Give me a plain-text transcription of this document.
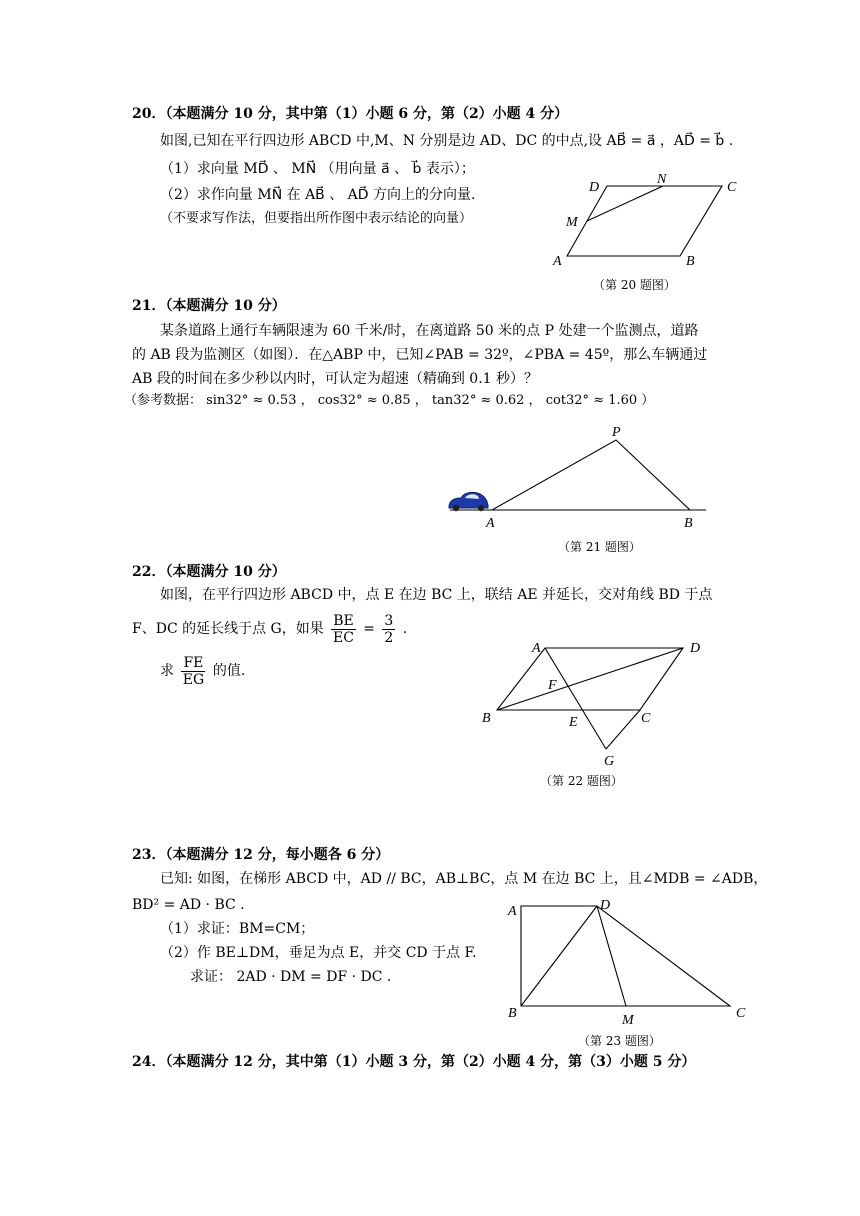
20．（本题满分 10 分，其中第（1）小题 6 分，第（2）小题 4 分）
如图,已知在平行四边形 ABCD 中,M、N 分别是边 AD、DC 的中点,设 AB⃗ = a⃗ ，AD⃗ = b⃗ .
（1）求向量 MD⃗ 、 MN⃗ （用向量 a⃗ 、 b⃗ 表示）；
（2）求作向量 MN⃗ 在 AB⃗ 、 AD⃗ 方向上的分向量.
（不要求写作法，但要指出所作图中表示结论的向量）
（第 20 题图）
21．（本题满分 10 分）
某条道路上通行车辆限速为 60 千米/时，在离道路 50 米的点 P 处建一个监测点，道路
的 AB 段为监测区（如图）．在△ABP 中，已知∠PAB = 32º，∠PBA = 45º，那么车辆通过
AB 段的时间在多少秒以内时，可认定为超速（精确到 0.1 秒）？
（参考数据： sin32° ≈ 0.53 ， cos32° ≈ 0.85 ， tan32° ≈ 0.62 ， cot32° ≈ 1.60 ）
（第 21 题图）
22．（本题满分 10 分）
如图，在平行四边形 ABCD 中，点 E 在边 BC 上，联结 AE 并延长，交对角线 BD 于点
F、DC 的延长线于点 G，如果 $\frac{BE}{EC} = \frac{3}{2}$ .
求 $\frac{FE}{EG}$ 的值.
（第 22 题图）
23．（本题满分 12 分，每小题各 6 分）
已知: 如图，在梯形 ABCD 中，AD // BC，AB⊥BC，点 M 在边 BC 上，且∠MDB = ∠ADB，
BD² = AD · BC .
（1）求证：BM=CM；
（2）作 BE⊥DM，垂足为点 E，并交 CD 于点 F.
求证： 2AD · DM = DF · DC .
（第 23 题图）
24．（本题满分 12 分，其中第（1）小题 3 分，第（2）小题 4 分，第（3）小题 5 分）
D
N
C
M
A	B
P
A	B
A	D
F
B	E	C
G
A	D
B	M	C
